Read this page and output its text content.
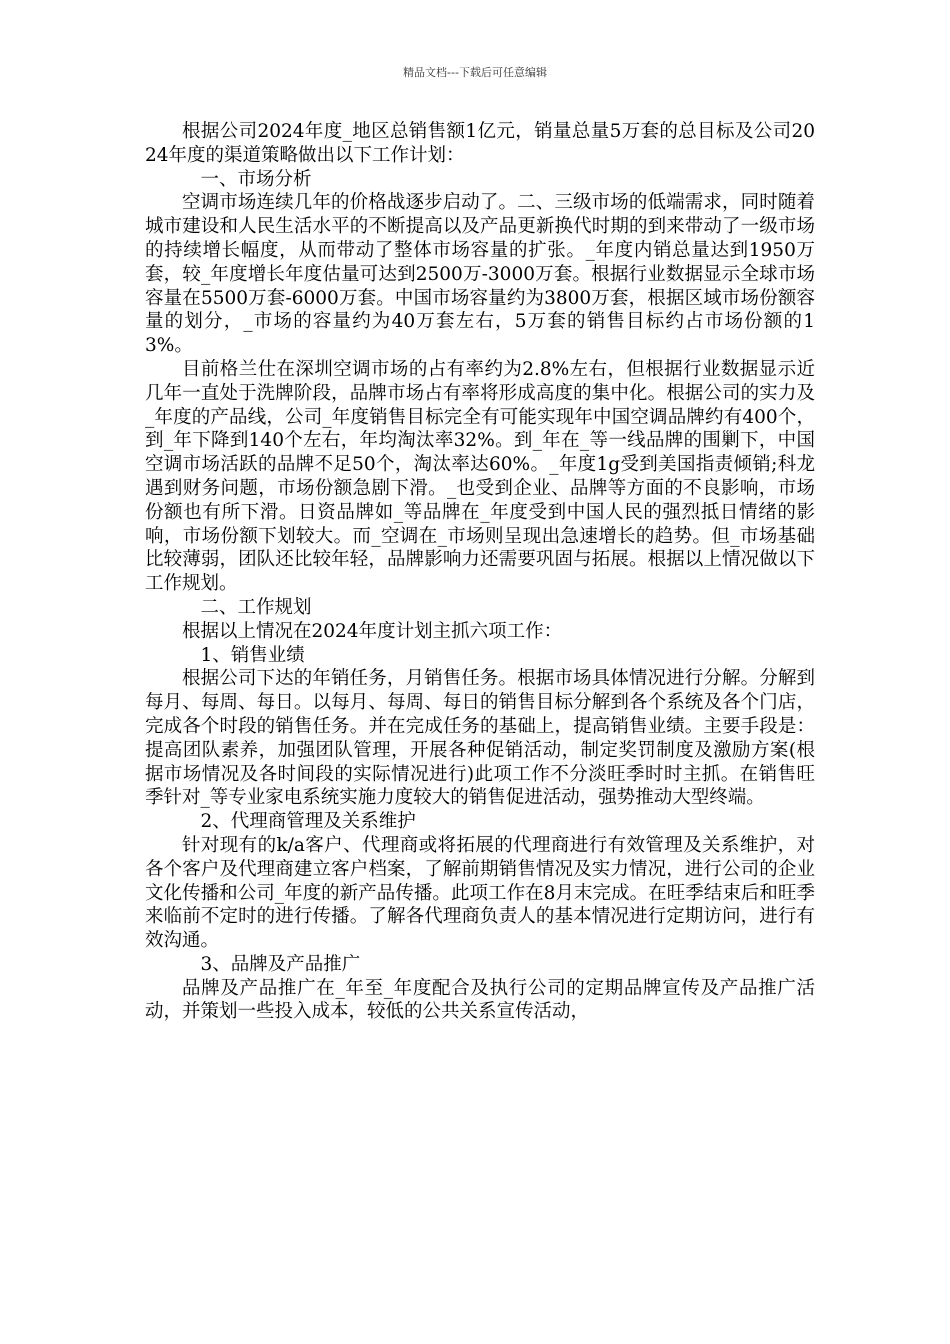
精品文档---下载后可任意编辑

根据公司2024年度_地区总销售额1亿元，销量总量5万套的总目标及公司2024年度的渠道策略做出以下工作计划：

一、市场分析

空调市场连续几年的价格战逐步启动了。二、三级市场的低端需求，同时随着城市建设和人民生活水平的不断提高以及产品更新换代时期的到来带动了一级市场的持续增长幅度，从而带动了整体市场容量的扩张。_年度内销总量达到1950万套，较_年度增长年度估量可达到2500万-3000万套。根据行业数据显示全球市场容量在5500万套-6000万套。中国市场容量约为3800万套，根据区域市场份额容量的划分，_市场的容量约为40万套左右，5万套的销售目标约占市场份额的13%。

目前格兰仕在深圳空调市场的占有率约为2.8%左右，但根据行业数据显示近几年一直处于洗牌阶段，品牌市场占有率将形成高度的集中化。根据公司的实力及_年度的产品线，公司_年度销售目标完全有可能实现年中国空调品牌约有400个，到_年下降到140个左右，年均淘汰率32%。到_年在_等一线品牌的围剿下，中国空调市场活跃的品牌不足50个，淘汰率达60%。_年度1g受到美国指责倾销;科龙遇到财务问题，市场份额急剧下滑。_也受到企业、品牌等方面的不良影响，市场份额也有所下滑。日资品牌如_等品牌在_年度受到中国人民的强烈抵日情绪的影响，市场份额下划较大。而_空调在_市场则呈现出急速增长的趋势。但_市场基础比较薄弱，团队还比较年轻，品牌影响力还需要巩固与拓展。根据以上情况做以下工作规划。

二、工作规划

根据以上情况在2024年度计划主抓六项工作：

1、销售业绩

根据公司下达的年销任务，月销售任务。根据市场具体情况进行分解。分解到每月、每周、每日。以每月、每周、每日的销售目标分解到各个系统及各个门店，完成各个时段的销售任务。并在完成任务的基础上，提高销售业绩。主要手段是：提高团队素养，加强团队管理，开展各种促销活动，制定奖罚制度及激励方案(根据市场情况及各时间段的实际情况进行)此项工作不分淡旺季时时主抓。在销售旺季针对_等专业家电系统实施力度较大的销售促进活动，强势推动大型终端。

2、代理商管理及关系维护

针对现有的k/a客户、代理商或将拓展的代理商进行有效管理及关系维护，对各个客户及代理商建立客户档案，了解前期销售情况及实力情况，进行公司的企业文化传播和公司_年度的新产品传播。此项工作在8月末完成。在旺季结束后和旺季来临前不定时的进行传播。了解各代理商负责人的基本情况进行定期访问，进行有效沟通。

3、品牌及产品推广

品牌及产品推广在_年至_年度配合及执行公司的定期品牌宣传及产品推广活动，并策划一些投入成本，较低的公共关系宣传活动，
